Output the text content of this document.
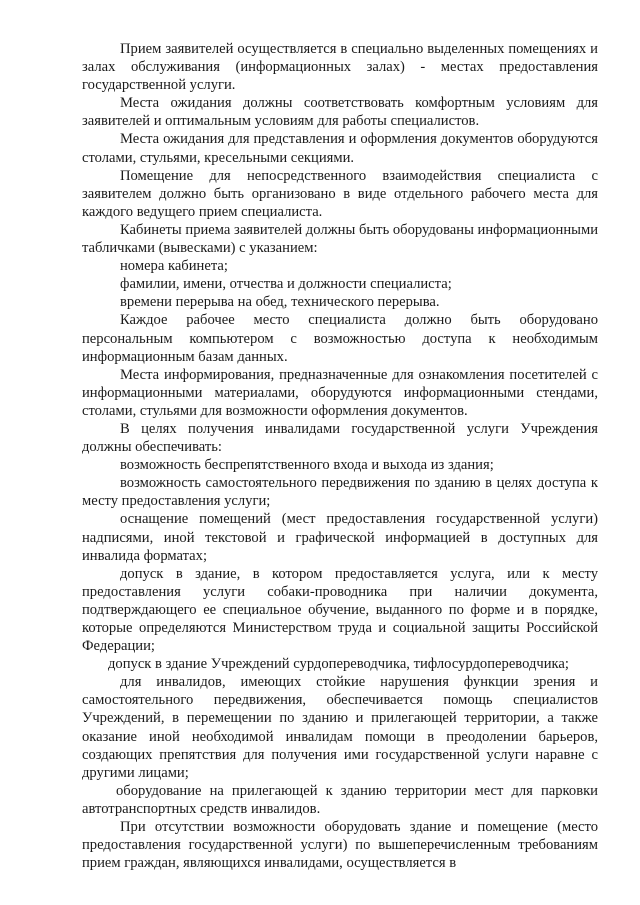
Прием заявителей осуществляется в специально выделенных помещениях и залах обслуживания (информационных залах) - местах предоставления государственной услуги.

Места ожидания должны соответствовать комфортным условиям для заявителей и оптимальным условиям для работы специалистов.

Места ожидания для представления и оформления документов оборудуются столами, стульями, кресельными секциями.

Помещение для непосредственного взаимодействия специалиста с заявителем должно быть организовано в виде отдельного рабочего места для каждого ведущего прием специалиста.

Кабинеты приема заявителей должны быть оборудованы информационными табличками (вывесками) с указанием:

номера кабинета;

фамилии, имени, отчества и должности специалиста;

времени перерыва на обед, технического перерыва.

Каждое рабочее место специалиста должно быть оборудовано персональным компьютером с возможностью доступа к необходимым информационным базам данных.

Места информирования, предназначенные для ознакомления посетителей с информационными материалами, оборудуются информационными стендами, столами, стульями для возможности оформления документов.

В целях получения инвалидами государственной услуги Учреждения должны обеспечивать:

возможность беспрепятственного входа и выхода из здания;

возможность самостоятельного передвижения по зданию в целях доступа к месту предоставления услуги;

оснащение помещений (мест предоставления государственной услуги) надписями, иной текстовой и графической информацией в доступных для инвалида форматах;

допуск в здание, в котором предоставляется услуга, или к месту предоставления услуги собаки-проводника при наличии документа, подтверждающего ее специальное обучение, выданного по форме и в порядке, которые определяются Министерством труда и социальной защиты Российской Федерации;

допуск в здание Учреждений сурдопереводчика, тифлосурдопереводчика;

для инвалидов, имеющих стойкие нарушения функции зрения и самостоятельного передвижения, обеспечивается помощь специалистов Учреждений, в перемещении по зданию и прилегающей территории, а также оказание иной необходимой инвалидам помощи в преодолении барьеров, создающих препятствия для получения ими государственной услуги наравне с другими лицами;

оборудование на прилегающей к зданию территории мест для парковки автотранспортных средств инвалидов.

При отсутствии возможности оборудовать здание и помещение (место предоставления государственной услуги) по вышеперечисленным требованиям прием граждан, являющихся инвалидами, осуществляется в
